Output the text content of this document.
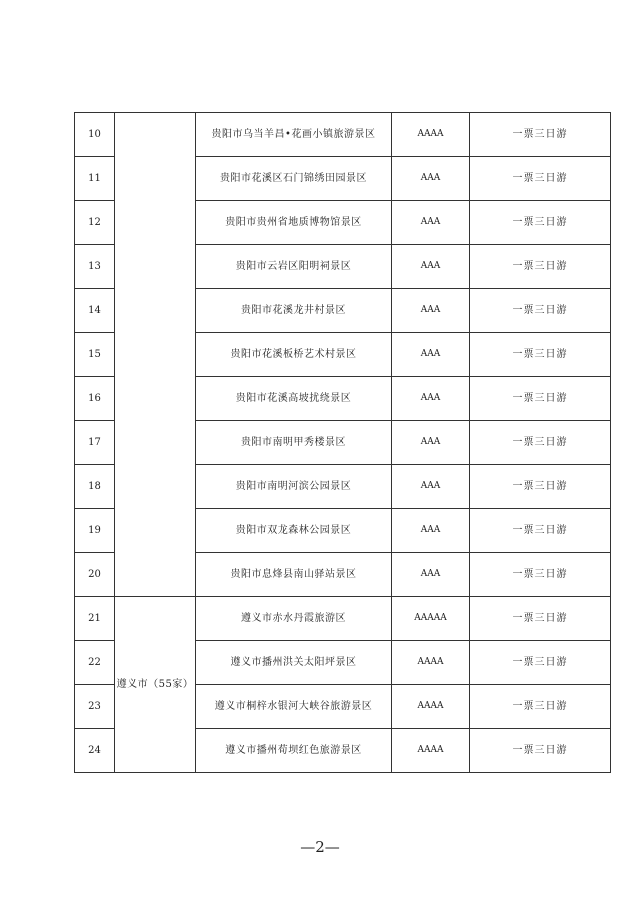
10		贵阳市乌当羊昌•花画小镇旅游景区	AAAA	一票三日游
11		贵阳市花溪区石门锦绣田园景区	AAA	一票三日游
12		贵阳市贵州省地质博物馆景区	AAA	一票三日游
13		贵阳市云岩区阳明祠景区	AAA	一票三日游
14		贵阳市花溪龙井村景区	AAA	一票三日游
15		贵阳市花溪板桥艺术村景区	AAA	一票三日游
16		贵阳市花溪高坡扰绕景区	AAA	一票三日游
17		贵阳市南明甲秀楼景区	AAA	一票三日游
18		贵阳市南明河滨公园景区	AAA	一票三日游
19		贵阳市双龙森林公园景区	AAA	一票三日游
20		贵阳市息烽县南山驿站景区	AAA	一票三日游
21	遵义市（55家）	遵义市赤水丹霞旅游区	AAAAA	一票三日游
22		遵义市播州洪关太阳坪景区	AAAA	一票三日游
23		遵义市桐梓水银河大峡谷旅游景区	AAAA	一票三日游
24		遵义市播州荀坝红色旅游景区	AAAA	一票三日游
—2—
